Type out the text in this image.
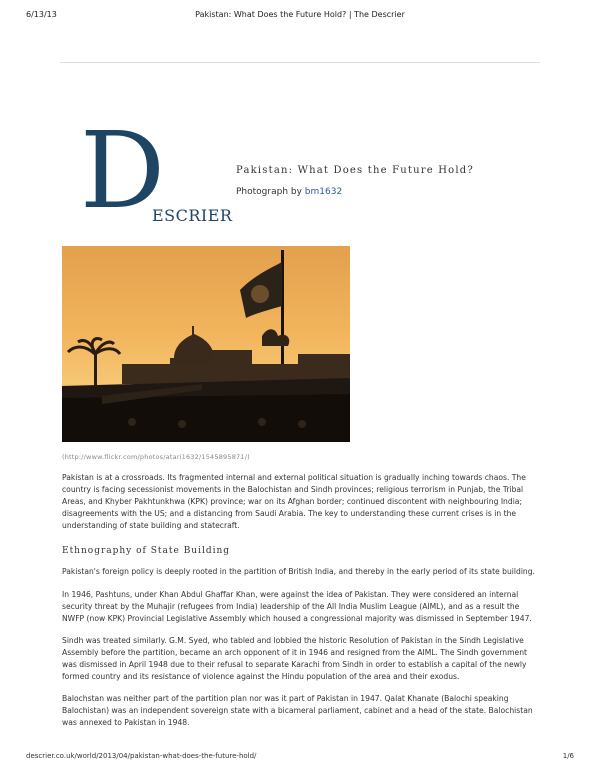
6/13/13	Pakistan: What Does the Future Hold? | The Descrier
D
ESCRIER
Pakistan: What Does the Future Hold?
Photograph by bm1632
(http://www.flickr.com/photos/atari1632/1545895871/)
Pakistan is at a crossroads. Its fragmented internal and external political situation is gradually inching towards chaos. The country is facing secessionist movements in the Balochistan and Sindh provinces; religious terrorism in Punjab, the Tribal Areas, and Khyber Pakhtunkhwa (KPK) province; war on its Afghan border; continued discontent with neighbouring India; disagreements with the US; and a distancing from Saudi Arabia. The key to understanding these current crises is in the understanding of state building and statecraft.
Ethnography of State Building
Pakistan's foreign policy is deeply rooted in the partition of British India, and thereby in the early period of its state building.
In 1946, Pashtuns, under Khan Abdul Ghaffar Khan, were against the idea of Pakistan. They were considered an internal security threat by the Muhajir (refugees from India) leadership of the All India Muslim League (AIML), and as a result the NWFP (now KPK) Provincial Legislative Assembly which housed a congressional majority was dismissed in September 1947.
Sindh was treated similarly. G.M. Syed, who tabled and lobbied the historic Resolution of Pakistan in the Sindh Legislative Assembly before the partition, became an arch opponent of it in 1946 and resigned from the AIML. The Sindh government was dismissed in April 1948 due to their refusal to separate Karachi from Sindh in order to establish a capital of the newly formed country and its resistance of violence against the Hindu population of the area and their exodus.
Balochstan was neither part of the partition plan nor was it part of Pakistan in 1947. Qalat Khanate (Balochi speaking Balochistan) was an independent sovereign state with a bicameral parliament, cabinet and a head of the state. Balochistan was annexed to Pakistan in 1948.
descrier.co.uk/world/2013/04/pakistan-what-does-the-future-hold/	1/6
